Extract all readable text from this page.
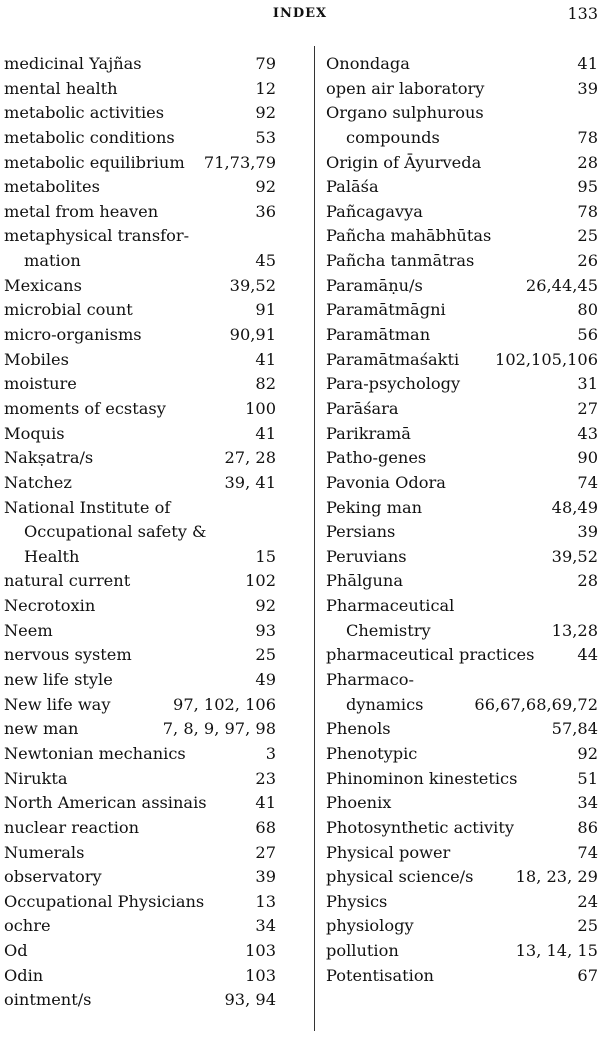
INDEX	133
medicinal Yajñas	79
mental health	12
metabolic activities	92
metabolic conditions	53
metabolic equilibrium	71,73,79
metabolites	92
metal from heaven	36
metaphysical transfor-
mation	45
Mexicans	39,52
microbial count	91
micro-organisms	90,91
Mobiles	41
moisture	82
moments of ecstasy	100
Moquis	41
Nakṣatra/s	27, 28
Natchez	39, 41
National Institute of
Occupational safety &
Health	15
natural current	102
Necrotoxin	92
Neem	93
nervous system	25
new life style	49
New life way	97, 102, 106
new man	7, 8, 9, 97, 98
Newtonian mechanics	3
Nirukta	23
North American assinais	41
nuclear reaction	68
Numerals	27
observatory	39
Occupational Physicians	13
ochre	34
Od	103
Odin	103
ointment/s	93, 94
Onondaga	41
open air laboratory	39
Organo sulphurous
compounds	78
Origin of Āyurveda	28
Palāśa	95
Pañcagavya	78
Pañcha mahābhūtas	25
Pañcha tanmātras	26
Paramāṇu/s	26,44,45
Paramātmāgni	80
Paramātman	56
Paramātmaśakti	102,105,106
Para-psychology	31
Parāśara	27
Parikramā	43
Patho-genes	90
Pavonia Odora	74
Peking man	48,49
Persians	39
Peruvians	39,52
Phālguna	28
Pharmaceutical
Chemistry	13,28
pharmaceutical practices	44
Pharmaco-
dynamics	66,67,68,69,72
Phenols	57,84
Phenotypic	92
Phinominon kinestetics	51
Phoenix	34
Photosynthetic activity	86
Physical power	74
physical science/s	18, 23, 29
Physics	24
physiology	25
pollution	13, 14, 15
Potentisation	67
